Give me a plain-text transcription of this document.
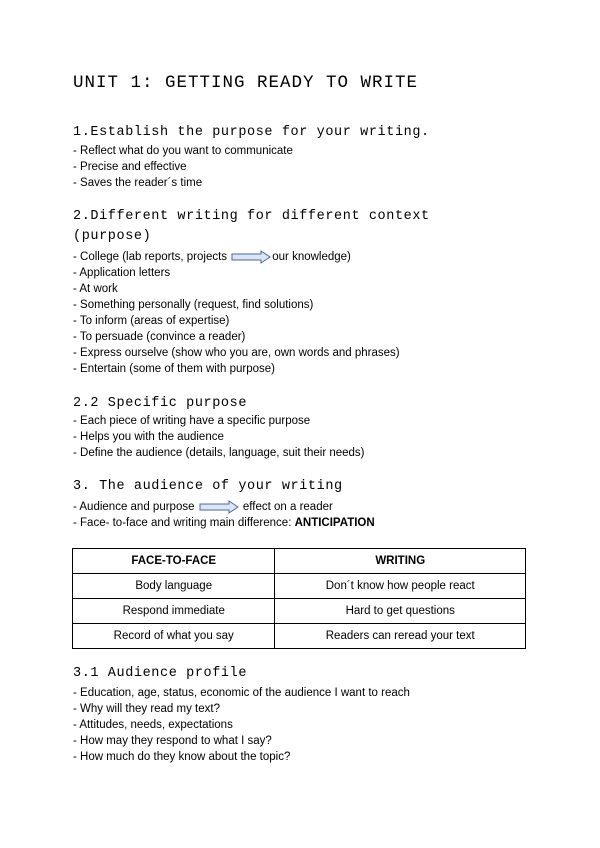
UNIT 1: GETTING READY TO WRITE
1.Establish the purpose for your writing.
- Reflect what do you want to communicate
- Precise and effective
- Saves the reader´s time
2.Different writing for different context
(purpose)
- College (lab reports, projects	our knowledge)
- Application letters
- At work
- Something personally (request, find solutions)
- To inform (areas of expertise)
- To persuade (convince a reader)
- Express ourselve (show who you are, own words and phrases)
- Entertain (some of them with purpose)
2.2 Specific purpose
- Each piece of writing have a specific purpose
- Helps you with the audience
- Define the audience (details, language, suit their needs)
3. The audience of your writing
- Audience and purpose	effect on a reader
- Face- to-face and writing main difference: ANTICIPATION
FACE-TO-FACE	WRITING
Body language	Don´t know how people react
Respond immediate	Hard to get questions
Record of what you say	Readers can reread your text
3.1 Audience profile
- Education, age, status, economic of the audience I want to reach
- Why will they read my text?
- Attitudes, needs, expectations
- How may they respond to what I say?
- How much do they know about the topic?
